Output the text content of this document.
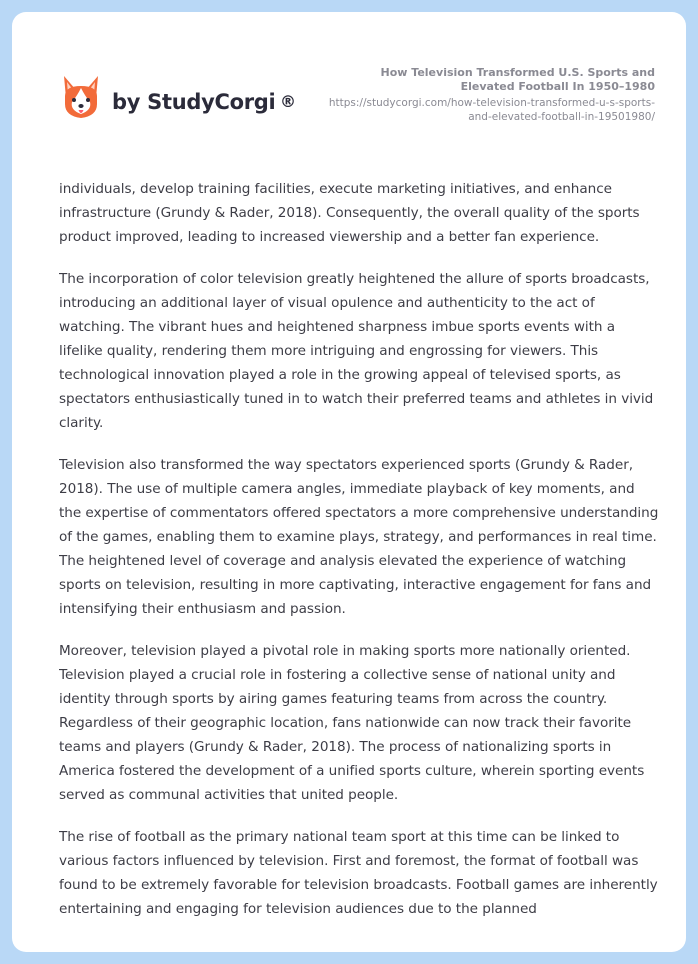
by StudyCorgi ®
How Television Transformed U.S. Sports and Elevated Football In 1950–1980
https://studycorgi.com/how-television-transformed-u-s-sports-and-elevated-football-in-19501980/

individuals, develop training facilities, execute marketing initiatives, and enhance infrastructure (Grundy & Rader, 2018). Consequently, the overall quality of the sports product improved, leading to increased viewership and a better fan experience.

The incorporation of color television greatly heightened the allure of sports broadcasts, introducing an additional layer of visual opulence and authenticity to the act of watching. The vibrant hues and heightened sharpness imbue sports events with a lifelike quality, rendering them more intriguing and engrossing for viewers. This technological innovation played a role in the growing appeal of televised sports, as spectators enthusiastically tuned in to watch their preferred teams and athletes in vivid clarity.

Television also transformed the way spectators experienced sports (Grundy & Rader, 2018). The use of multiple camera angles, immediate playback of key moments, and the expertise of commentators offered spectators a more comprehensive understanding of the games, enabling them to examine plays, strategy, and performances in real time. The heightened level of coverage and analysis elevated the experience of watching sports on television, resulting in more captivating, interactive engagement for fans and intensifying their enthusiasm and passion.

Moreover, television played a pivotal role in making sports more nationally oriented. Television played a crucial role in fostering a collective sense of national unity and identity through sports by airing games featuring teams from across the country. Regardless of their geographic location, fans nationwide can now track their favorite teams and players (Grundy & Rader, 2018). The process of nationalizing sports in America fostered the development of a unified sports culture, wherein sporting events served as communal activities that united people.

The rise of football as the primary national team sport at this time can be linked to various factors influenced by television. First and foremost, the format of football was found to be extremely favorable for television broadcasts. Football games are inherently entertaining and engaging for television audiences due to the planned
